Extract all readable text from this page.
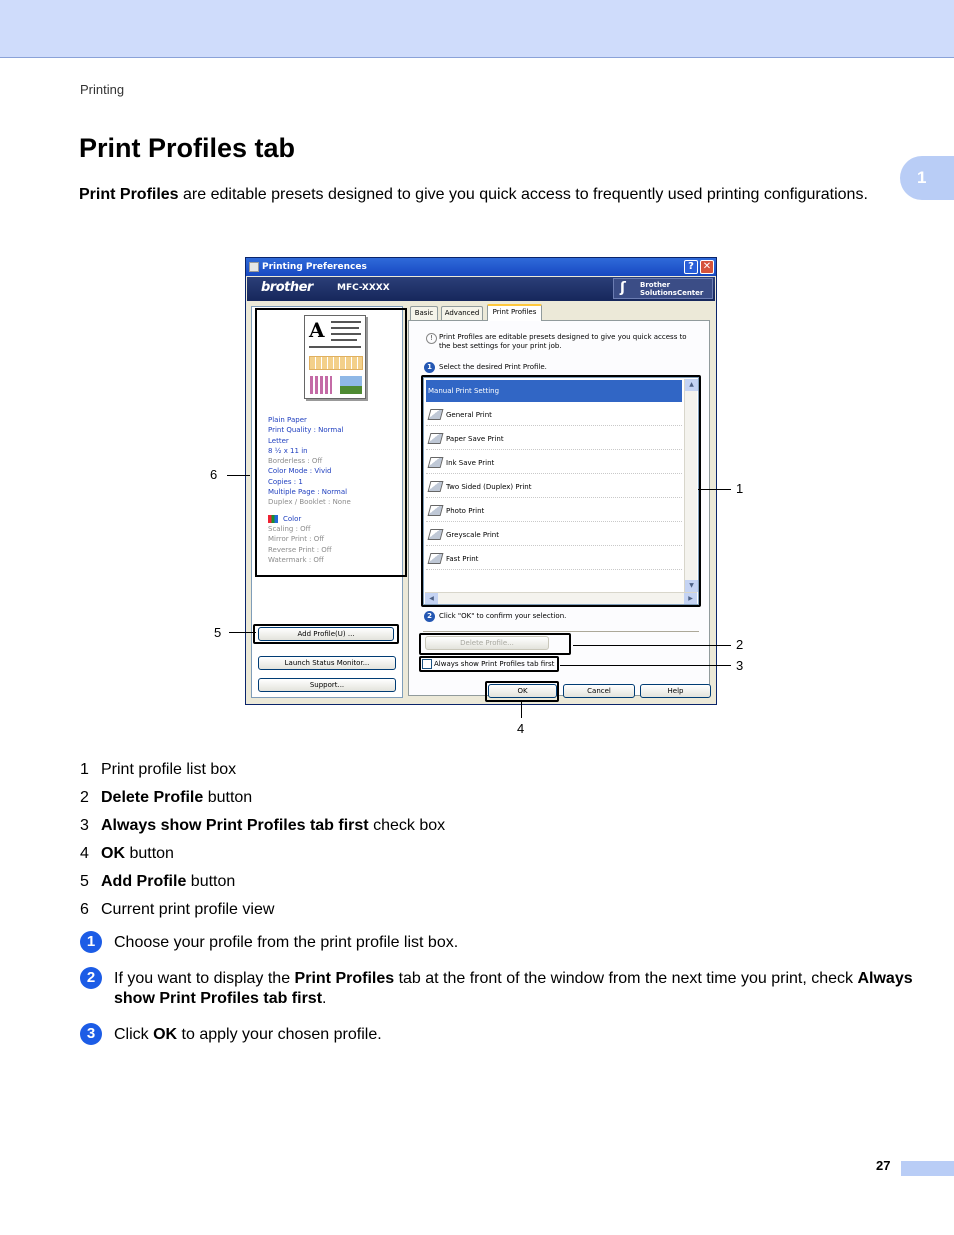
Printing
1
Print Profiles tab

Print Profiles are editable presets designed to give you quick access to frequently used printing configurations.

Printing Preferences	? ✕
brother	MFC-XXXX	ʃ Brother
SolutionsCenter
A
Plain Paper
Print Quality : Normal
Letter
8 ½ x 11 in
Borderless : Off
Color Mode : Vivid
Copies : 1
Multiple Page : Normal
Duplex / Booklet : None
Color
Scaling : Off
Mirror Print : Off
Reverse Print : Off
Watermark : Off
Add Profile(U) ...
Launch Status Monitor...
Support...
Basic	Advanced	Print Profiles
! Print Profiles are editable presets designed to give you quick access to the best settings for your print job.
1	Select the desired Print Profile.
Manual Print Setting
General Print
Paper Save Print
Ink Save Print
Two Sided (Duplex) Print
Photo Print
Greyscale Print
Fast Print
▲
▼
◀	▶
2	Click "OK" to confirm your selection.
Delete Profile...
Always show Print Profiles tab first
OK	Cancel	Help
1
2
3
4
5
6
1 Print profile list box
2 Delete Profile button
3 Always show Print Profiles tab first check box
4 OK button
5 Add Profile button
6 Current print profile view
1	Choose your profile from the print profile list box.
2	If you want to display the Print Profiles tab at the front of the window from the next time you print, check Always show Print Profiles tab first.
3	Click OK to apply your chosen profile.
27
